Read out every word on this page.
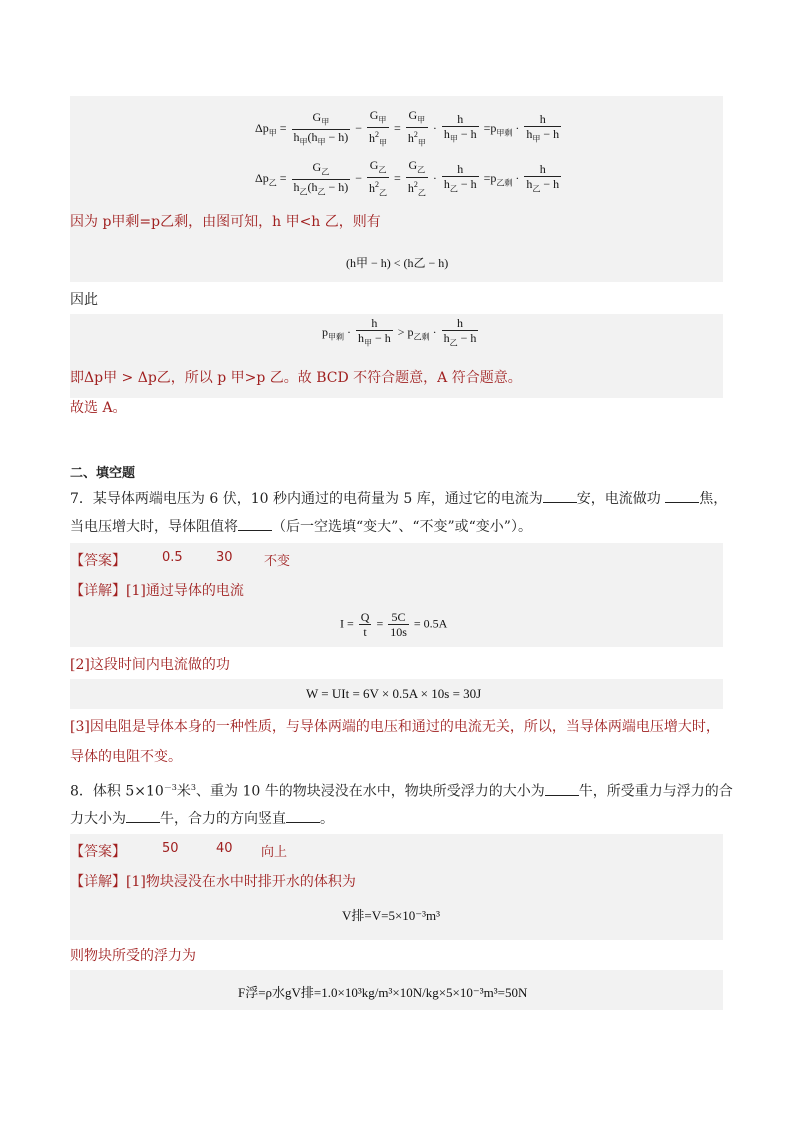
$\Delta p_甲$ =
$G_甲$
$h_甲(h_甲 - h)$
−
$G_甲$
$h^2_甲$
=
$G_甲$
$h^2_甲$
·
h
$h_甲 - h =p_{甲剩}$ ·
h
$h_甲 - h$
$\Delta p_乙$ =
$G_乙$
$h_乙(h_乙 - h)$
−
$G_乙$
$h^2_乙$
=
$G_乙$
$h^2_乙$
·
h
$h_乙 - h =p_{乙剩}$ ·
h
$h_乙 - h$
因为 p甲剩=p乙剩，由图可知，h 甲<h 乙，则有
(h甲 − h) < (h乙 − h)
因此
$p_{甲剩}$ ·
h
$h_甲 - h > p_{乙剩}$ ·
h
$h_乙 - h$
即Δp甲 > Δp乙，所以 p 甲>p 乙。故 BCD 不符合题意，A 符合题意。
故选 A。
二、填空题
7．某导体两端电压为 6 伏，10 秒内通过的电荷量为 5 库，通过它的电流为 安，电流做功	焦，
当电压增大时，导体阻值将 （后一空选填“变大”、“不变”或“变小”）。
【答案】	0.5	30 不变
【详解】[1]通过导体的电流
$I = \frac{Q}{t} = \frac{5C}{10s} = 0.5A$
[2]这段时间内电流做的功
W = UIt = 6V × 0.5A × 10s = 30J
[3]因电阻是导体本身的一种性质，与导体两端的电压和通过的电流无关，所以，当导体两端电压增大时，
导体的电阻不变。
8．体积 $5\times 10^{-3}$米$^3$、重为 10 牛的物块浸没在水中，物块所受浮力的大小为 牛，所受重力与浮力的合
力大小为 牛，合力的方向竖直 。
【答案】	50	40 向上
【详解】[1]物块浸没在水中时排开水的体积为
V排=V=5×10⁻³m³
则物块所受的浮力为
F浮=ρ水gV排=1.0×10³kg/m³×10N/kg×5×10⁻³m³=50N
